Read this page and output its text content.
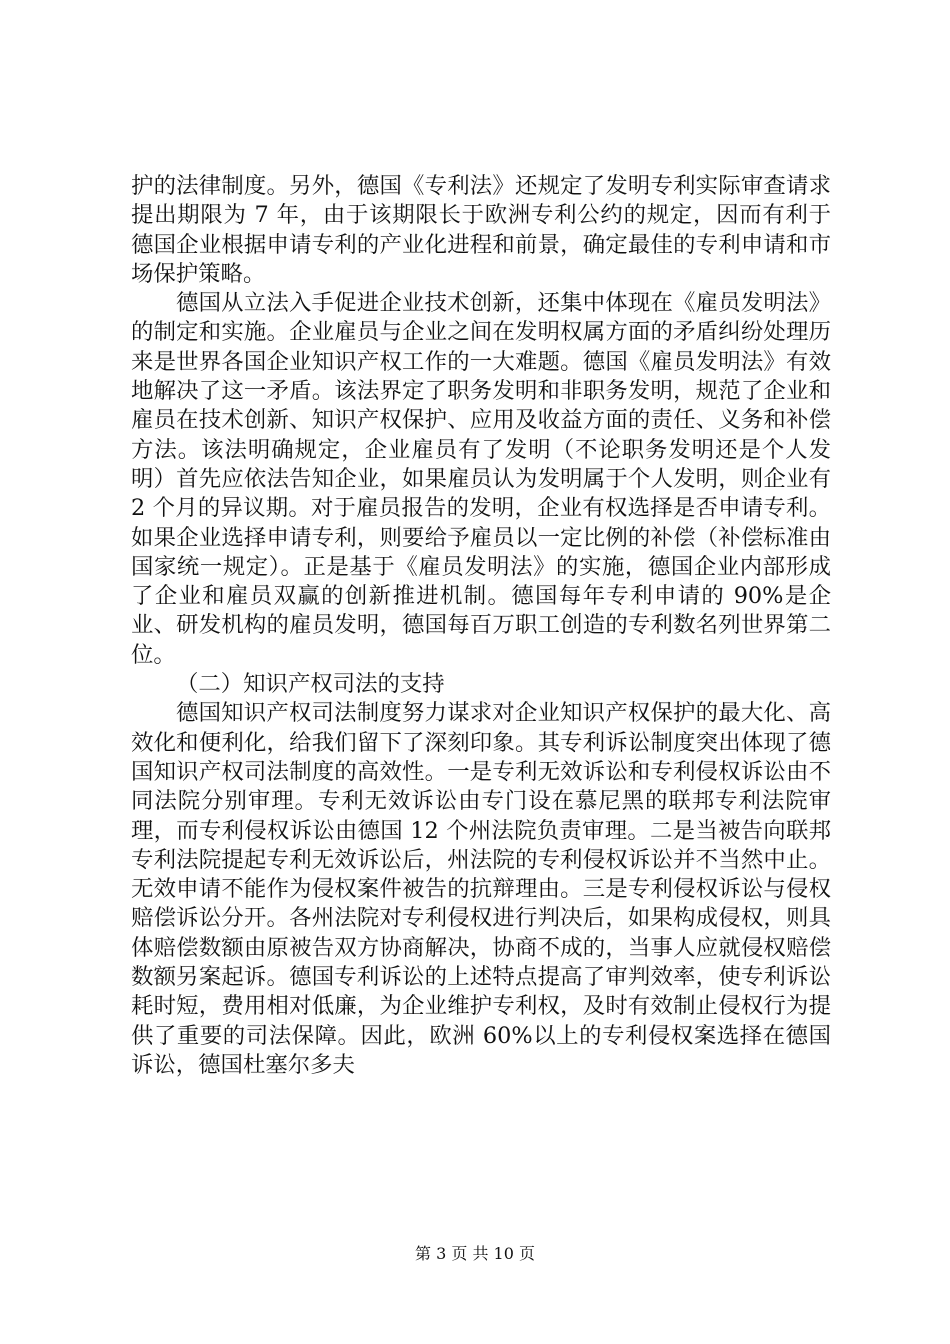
护的法律制度。另外，德国《专利法》还规定了发明专利实际审查请求提出期限为 7 年，由于该期限长于欧洲专利公约的规定，因而有利于德国企业根据申请专利的产业化进程和前景，确定最佳的专利申请和市场保护策略。

德国从立法入手促进企业技术创新，还集中体现在《雇员发明法》的制定和实施。企业雇员与企业之间在发明权属方面的矛盾纠纷处理历来是世界各国企业知识产权工作的一大难题。德国《雇员发明法》有效地解决了这一矛盾。该法界定了职务发明和非职务发明，规范了企业和雇员在技术创新、知识产权保护、应用及收益方面的责任、义务和补偿方法。该法明确规定，企业雇员有了发明（不论职务发明还是个人发明）首先应依法告知企业，如果雇员认为发明属于个人发明，则企业有 2 个月的异议期。对于雇员报告的发明，企业有权选择是否申请专利。如果企业选择申请专利，则要给予雇员以一定比例的补偿（补偿标准由国家统一规定）。正是基于《雇员发明法》的实施，德国企业内部形成了企业和雇员双赢的创新推进机制。德国每年专利申请的 90%是企业、研发机构的雇员发明，德国每百万职工创造的专利数名列世界第二位。

（二）知识产权司法的支持

德国知识产权司法制度努力谋求对企业知识产权保护的最大化、高效化和便利化，给我们留下了深刻印象。其专利诉讼制度突出体现了德国知识产权司法制度的高效性。一是专利无效诉讼和专利侵权诉讼由不同法院分别审理。专利无效诉讼由专门设在慕尼黑的联邦专利法院审理，而专利侵权诉讼由德国 12 个州法院负责审理。二是当被告向联邦专利法院提起专利无效诉讼后，州法院的专利侵权诉讼并不当然中止。无效申请不能作为侵权案件被告的抗辩理由。三是专利侵权诉讼与侵权赔偿诉讼分开。各州法院对专利侵权进行判决后，如果构成侵权，则具体赔偿数额由原被告双方协商解决，协商不成的，当事人应就侵权赔偿数额另案起诉。德国专利诉讼的上述特点提高了审判效率，使专利诉讼耗时短，费用相对低廉，为企业维护专利权，及时有效制止侵权行为提供了重要的司法保障。因此，欧洲 60%以上的专利侵权案选择在德国诉讼，德国杜塞尔多夫

第 3 页 共 10 页
